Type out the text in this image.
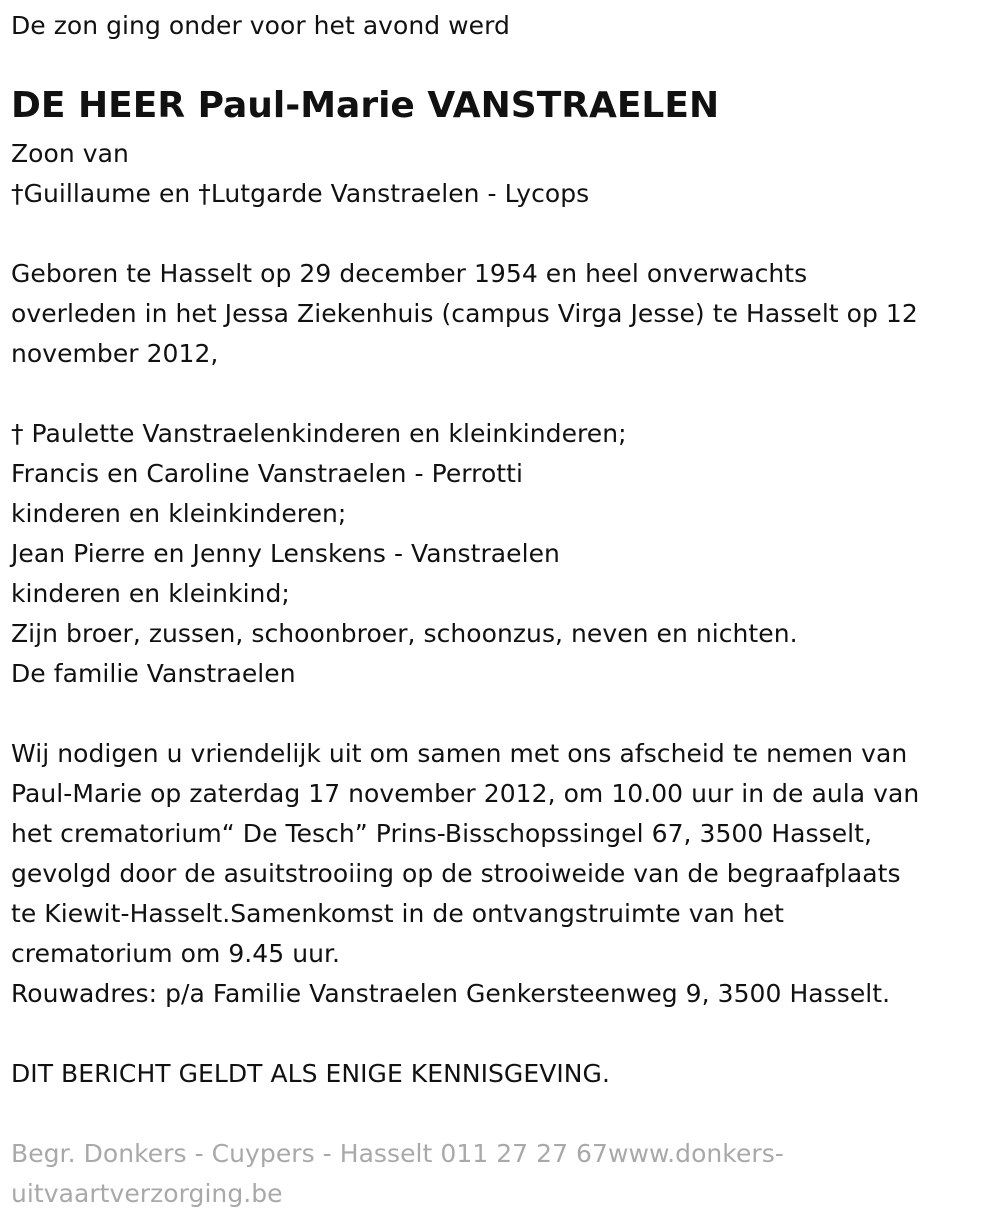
De zon ging onder voor het avond werd
DE HEER Paul-Marie VANSTRAELEN
Zoon van
†Guillaume en †Lutgarde Vanstraelen - Lycops
Geboren te Hasselt op 29 december 1954 en heel onverwachts
overleden in het Jessa Ziekenhuis (campus Virga Jesse) te Hasselt op 12
november 2012,
† Paulette Vanstraelenkinderen en kleinkinderen;
Francis en Caroline Vanstraelen - Perrotti
kinderen en kleinkinderen;
Jean Pierre en Jenny Lenskens - Vanstraelen
kinderen en kleinkind;
Zijn broer, zussen, schoonbroer, schoonzus, neven en nichten.
De familie Vanstraelen
Wij nodigen u vriendelijk uit om samen met ons afscheid te nemen van
Paul-Marie op zaterdag 17 november 2012, om 10.00 uur in de aula van
het crematorium“ De Tesch” Prins-Bisschopssingel 67, 3500 Hasselt,
gevolgd door de asuitstrooiing op de strooiweide van de begraafplaats
te Kiewit-Hasselt.Samenkomst in de ontvangstruimte van het
crematorium om 9.45 uur.
Rouwadres: p/a Familie Vanstraelen Genkersteenweg 9, 3500 Hasselt.
DIT BERICHT GELDT ALS ENIGE KENNISGEVING.
Begr. Donkers - Cuypers - Hasselt 011 27 27 67www.donkers-
uitvaartverzorging.be
